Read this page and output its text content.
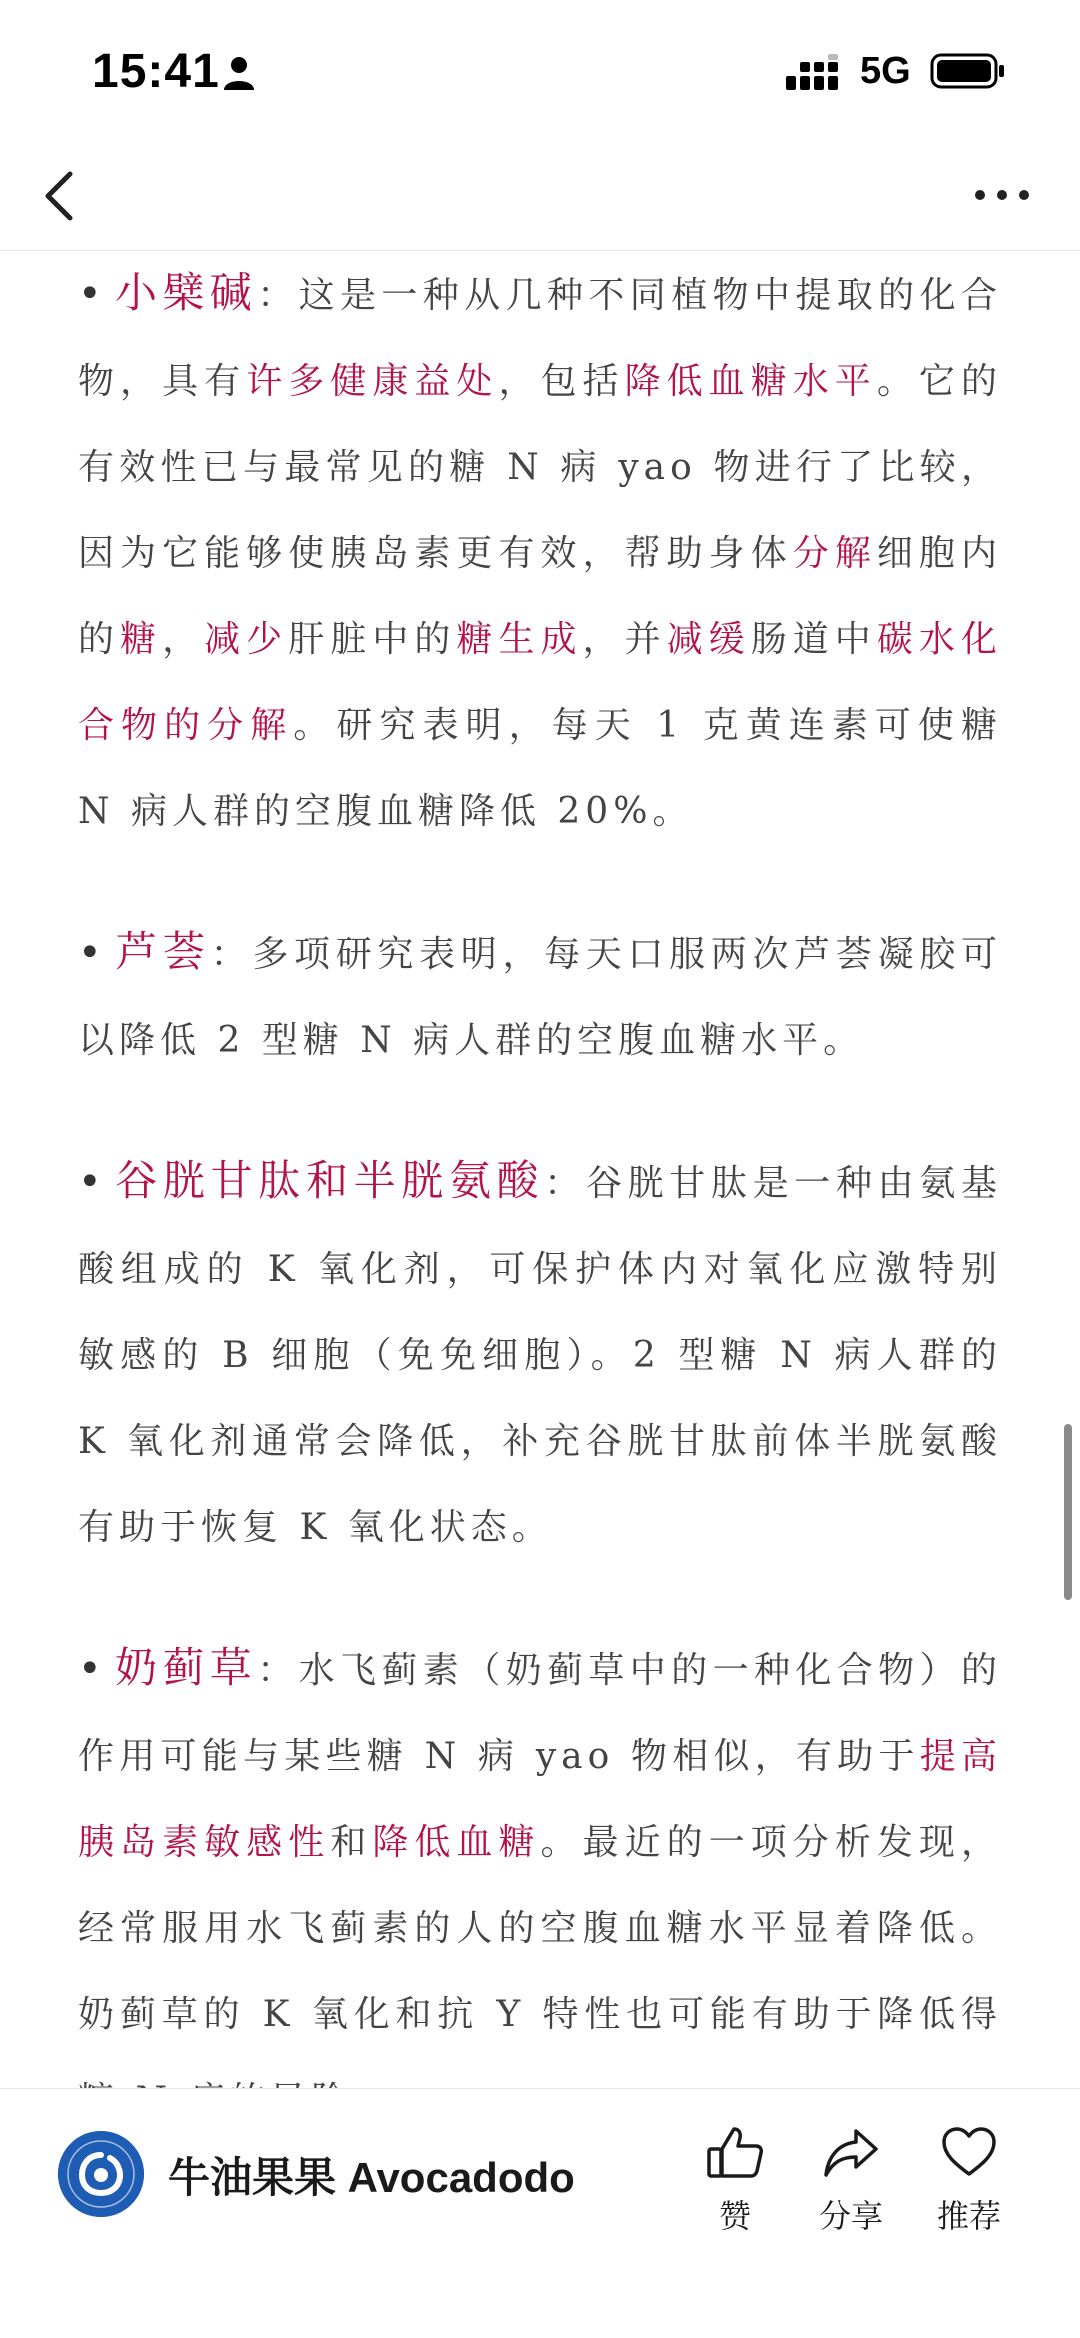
15:41	5G

• 小檗碱：这是一种从几种不同植物中提取的化合物，具有许多健康益处，包括降低血糖水平。它的有效性已与最常见的糖 N 病 yao 物进行了比较，因为它能够使胰岛素更有效，帮助身体分解细胞内的糖，减少肝脏中的糖生成，并减缓肠道中碳水化合物的分解。研究表明，每天 1 克黄连素可使糖 N 病人群的空腹血糖降低 20%。

• 芦荟：多项研究表明，每天口服两次芦荟凝胶可以降低 2 型糖 N 病人群的空腹血糖水平。

• 谷胱甘肽和半胱氨酸：谷胱甘肽是一种由氨基酸组成的 K 氧化剂，可保护体内对氧化应激特别敏感的 B 细胞（免免细胞）。2 型糖 N 病人群的 K 氧化剂通常会降低，补充谷胱甘肽前体半胱氨酸有助于恢复 K 氧化状态。

• 奶蓟草：水飞蓟素（奶蓟草中的一种化合物）的作用可能与某些糖 N 病 yao 物相似，有助于提高胰岛素敏感性和降低血糖。最近的一项分析发现，经常服用水飞蓟素的人的空腹血糖水平显着降低。奶蓟草的 K 氧化和抗 Y 特性也可能有助于降低得

牛油果果 Avocadodo
赞	分享	推荐
